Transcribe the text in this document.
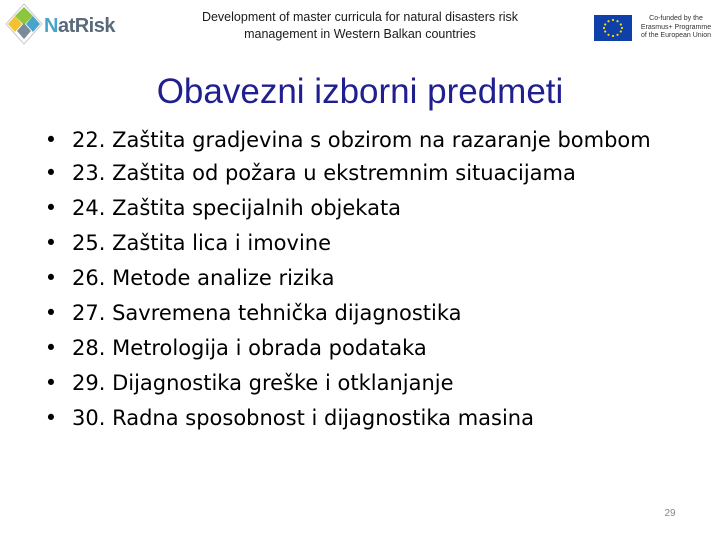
NatRisk	Development of master curricula for natural disasters risk
management in Western Balkan countries
Co-funded by the
Erasmus+ Programme
of the European Union
Obavezni izborni predmeti
• 22. Zaštita gradjevina s obzirom na razaranje bombom
• 23. Zaštita od požara u ekstremnim situacijama
• 24. Zaštita specijalnih objekata
• 25. Zaštita lica i imovine
• 26. Metode analize rizika
• 27. Savremena tehnička dijagnostika
• 28. Metrologija i obrada podataka
• 29. Dijagnostika greške i otklanjanje
• 30. Radna sposobnost i dijagnostika masina
29
